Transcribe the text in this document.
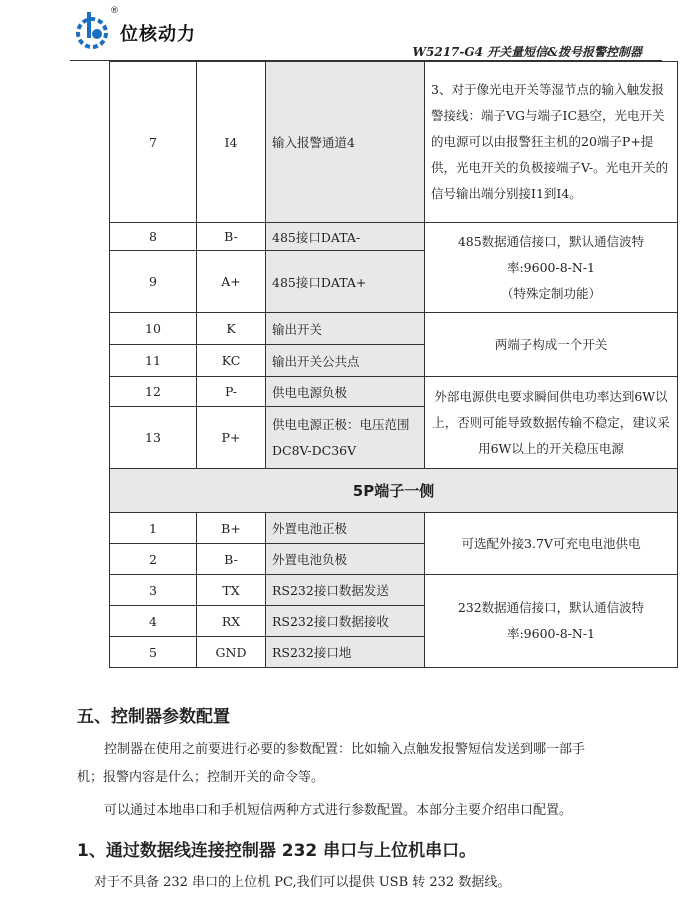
®
位核动力
W5217-G4 开关量短信&拨号报警控制器
7	I4	输入报警通道4	3、对于像光电开关等湿节点的输入触发报警接线：端子VG与端子IC悬空，光电开关的电源可以由报警狂主机的20端子P+提供，光电开关的负极接端子V-。光电开关的信号输出端分别接I1到I4。
8	B-	485接口DATA-	485数据通信接口，默认通信波特
率:9600-8-N-1
（特殊定制功能）

9	A+	485接口DATA+	
10	K	输出开关	两端子构成一个开关
11	KC	输出开关公共点	
12	P-	供电电源负极	外部电源供电要求瞬间供电功率达到6W以上，否则可能导致数据传输不稳定，建议采用6W以上的开关稳压电源
13	P+	供电电源正极：电压范围DC8V-DC36V	
5P端子一侧			
1	B+	外置电池正极	可选配外接3.7V可充电电池供电
2	B-	外置电池负极	
3	TX	RS232接口数据发送	232数据通信接口，默认通信波特
率:9600-8-N-1

4	RX	RS232接口数据接收	
5	GND	RS232接口地	
五、控制器参数配置
控制器在使用之前要进行必要的参数配置：比如输入点触发报警短信发送到哪一部手
机；报警内容是什么；控制开关的命令等。
可以通过本地串口和手机短信两种方式进行参数配置。本部分主要介绍串口配置。
1、通过数据线连接控制器 232 串口与上位机串口。
对于不具备 232 串口的上位机 PC,我们可以提供 USB 转 232 数据线。
